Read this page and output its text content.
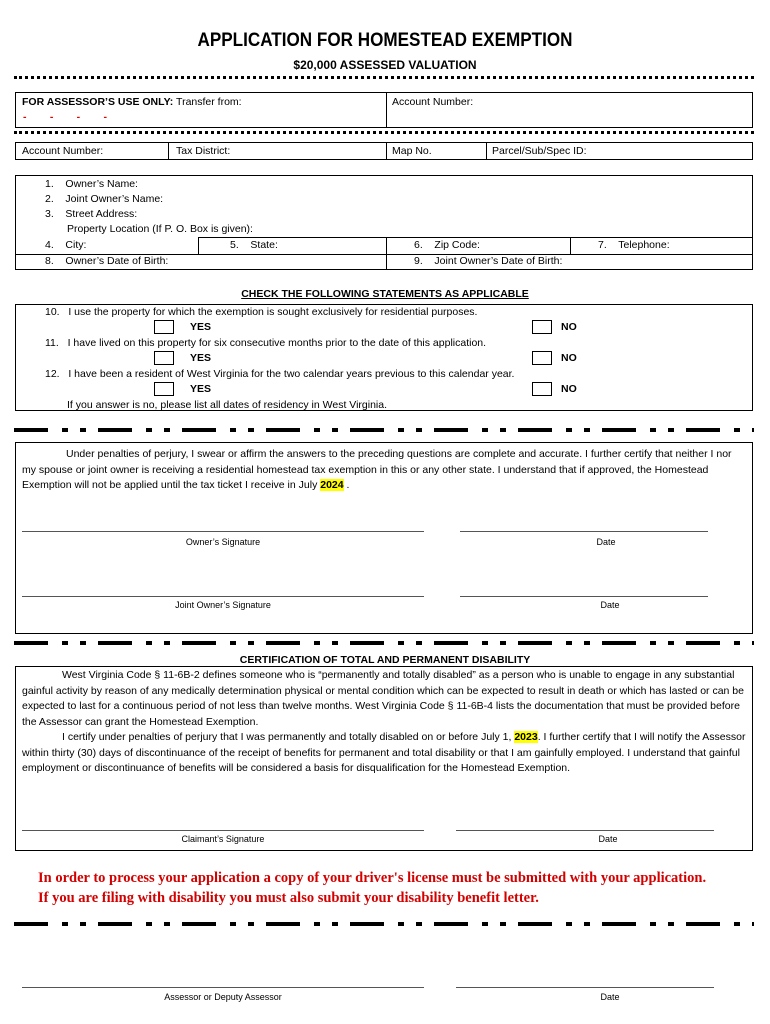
APPLICATION FOR HOMESTEAD EXEMPTION
$20,000 ASSESSED VALUATION
FOR ASSESSOR’S USE ONLY: Transfer from:	Account Number:
-        -        -        -
Account Number:	Tax District:	Map No.	Parcel/Sub/Spec ID:
1.    Owner’s Name:
2.    Joint Owner’s Name:
3.    Street Address:
Property Location (If P. O. Box is given):
4.    City:	5.    State:	6.    Zip Code:	7.    Telephone:
8.    Owner’s Date of Birth:	9.    Joint Owner’s Date of Birth:
CHECK THE FOLLOWING STATEMENTS AS APPLICABLE
10.   I use the property for which the exemption is sought exclusively for residential purposes.
YES	NO
11.   I have lived on this property for six consecutive months prior to the date of this application.
YES	NO
12.   I have been a resident of West Virginia for the two calendar years previous to this calendar year.
YES	NO
If you answer is no, please list all dates of residency in West Virginia.
Under penalties of perjury, I swear or affirm the answers to the preceding questions are complete and accurate. I further certify that neither I nor my spouse or joint owner is receiving a residential homestead tax exemption in this or any other state. I understand that if approved, the Homestead Exemption will not be applied until the tax ticket I receive in July 2024 .
Owner’s Signature	Date
Joint Owner’s Signature	Date
CERTIFICATION OF TOTAL AND PERMANENT DISABILITY
West Virginia Code § 11-6B-2 defines someone who is “permanently and totally disabled” as a person who is unable to engage in any substantial gainful activity by reason of any medically determination physical or mental condition which can be expected to result in death or which has lasted or can be expected to last for a continuous period of not less than twelve months. West Virginia Code § 11-6B-4 lists the documentation that must be provided before the Assessor can grant the Homestead Exemption.
I certify under penalties of perjury that I was permanently and totally disabled on or before July 1, 2023. I further certify that I will notify the Assessor within thirty (30) days of discontinuance of the receipt of benefits for permanent and total disability or that I am gainfully employed. I understand that gainful employment or discontinuance of benefits will be considered a basis for disqualification for the Homestead Exemption.
Claimant’s Signature	Date
In order to process your application a copy of your driver's license must be submitted with your application.
If you are filing with disability you must also submit your disability benefit letter.
Assessor or Deputy Assessor	Date
